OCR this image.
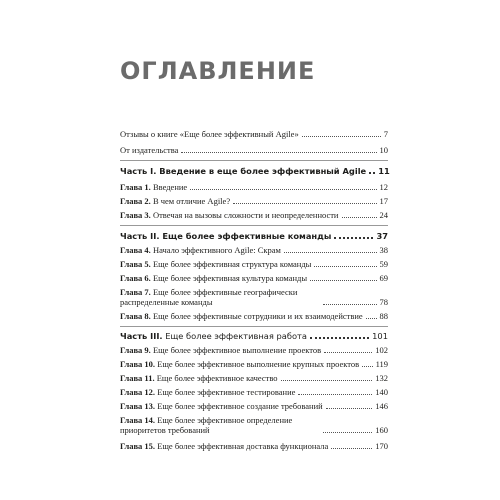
ОГЛАВЛЕНИЕ
Отзывы о книге «Еще более эффективный Agile»	7
От издательства	10
Часть I. Введение в еще более эффективный Agile 11
Глава 1. Введение	12
Глава 2. В чем отличие Agile?	17
Глава 3. Отвечая на вызовы сложности и неопределенности	24
Часть II. Еще более эффективные команды	37
Глава 4. Начало эффективного Agile: Скрам	38
Глава 5. Еще более эффективная структура команды	59
Глава 6. Еще более эффективная культура команды	69
Глава 7. Еще более эффективные географически распределенные команды	78
Глава 8. Еще более эффективные сотрудники и их взаимодействие 88
Часть III. Еще более эффективная работа	101
Глава 9. Еще более эффективное выполнение проектов	102
Глава 10. Еще более эффективное выполнение крупных проектов 119
Глава 11. Еще более эффективное качество	132
Глава 12. Еще более эффективное тестирование	140
Глава 13. Еще более эффективное создание требований	146
Глава 14. Еще более эффективное определение приоритетов требований	160
Глава 15. Еще более эффективная доставка функционала	170
